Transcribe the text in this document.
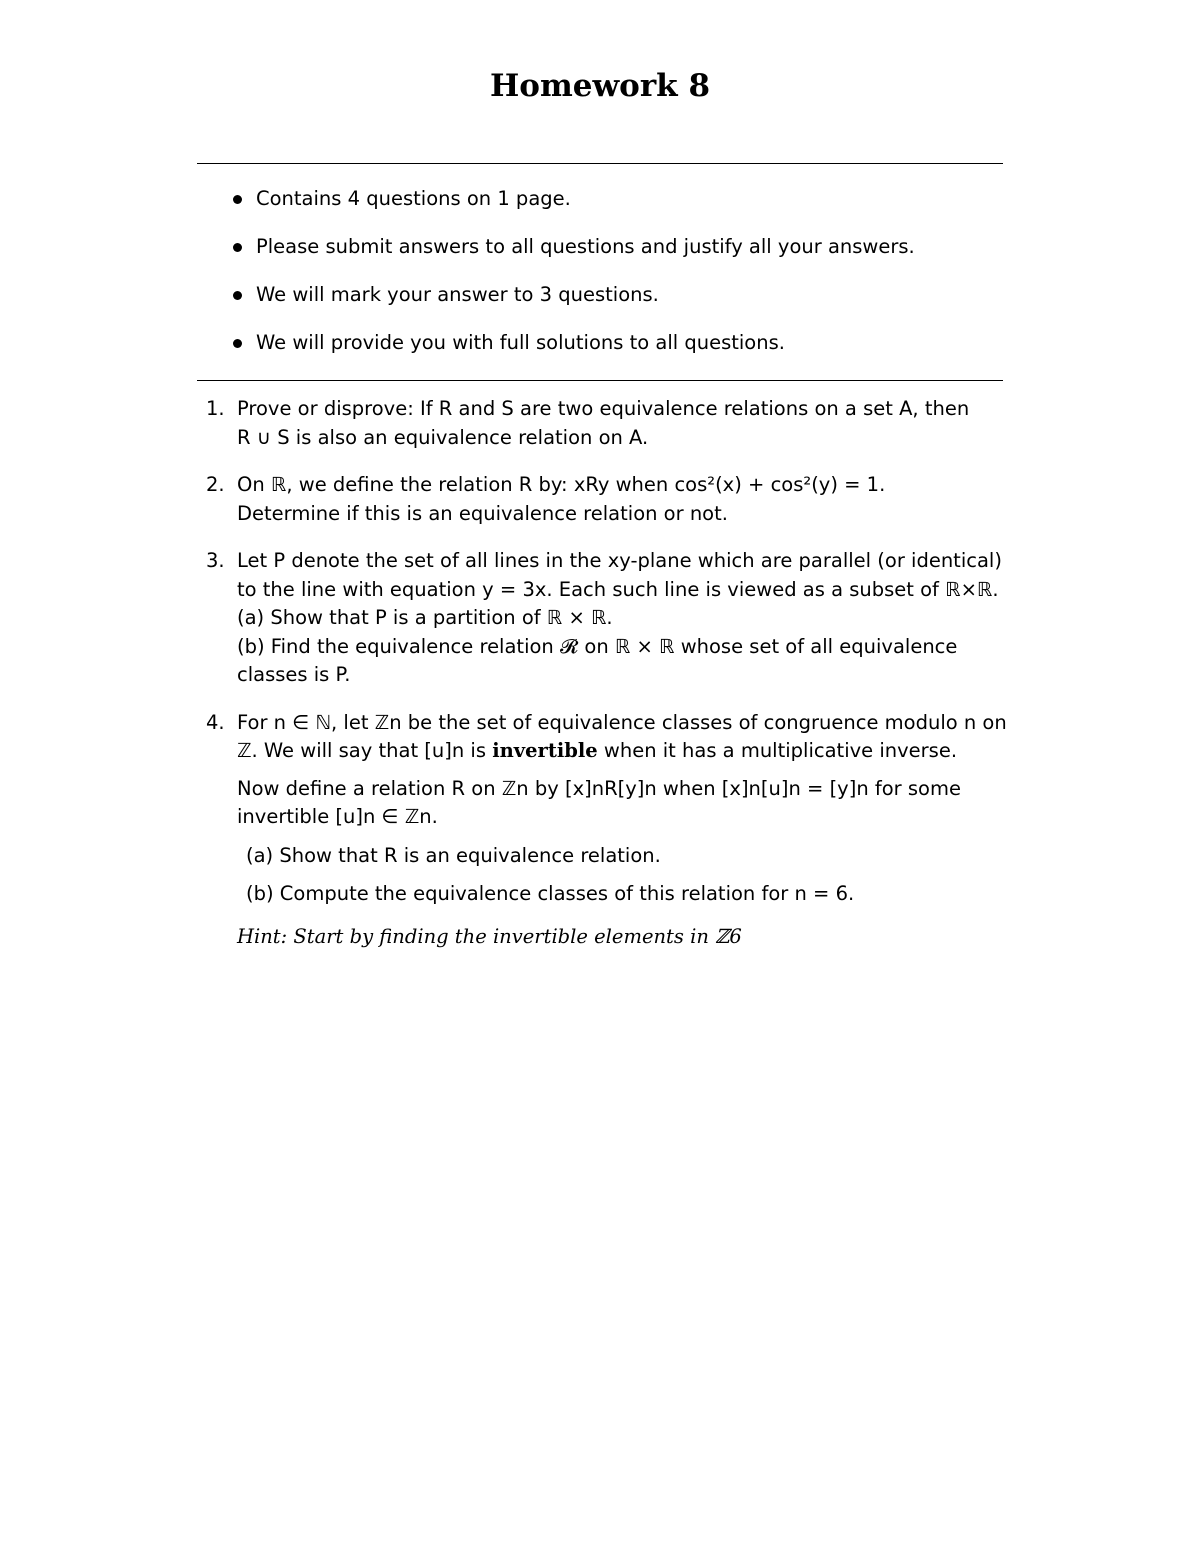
Homework 8
Contains 4 questions on 1 page.
Please submit answers to all questions and justify all your answers.
We will mark your answer to 3 questions.
We will provide you with full solutions to all questions.
1. Prove or disprove: If R and S are two equivalence relations on a set A, then
R ∪ S is also an equivalence relation on A.
2. On ℝ, we define the relation R by: xRy when cos²(x) + cos²(y) = 1.
Determine if this is an equivalence relation or not.
3. Let P denote the set of all lines in the xy-plane which are parallel (or identical)
to the line with equation y = 3x. Each such line is viewed as a subset of ℝ×ℝ.
(a) Show that P is a partition of ℝ × ℝ.
(b) Find the equivalence relation 𝓡 on ℝ × ℝ whose set of all equivalence
classes is P.
4. For n ∈ ℕ, let ℤn be the set of equivalence classes of congruence modulo n on
ℤ. We will say that [u]n is invertible when it has a multiplicative inverse.
Now define a relation R on ℤn by [x]nR[y]n when [x]n[u]n = [y]n for some
invertible [u]n ∈ ℤn.
(a) Show that R is an equivalence relation.
(b) Compute the equivalence classes of this relation for n = 6.
Hint: Start by finding the invertible elements in ℤ6
